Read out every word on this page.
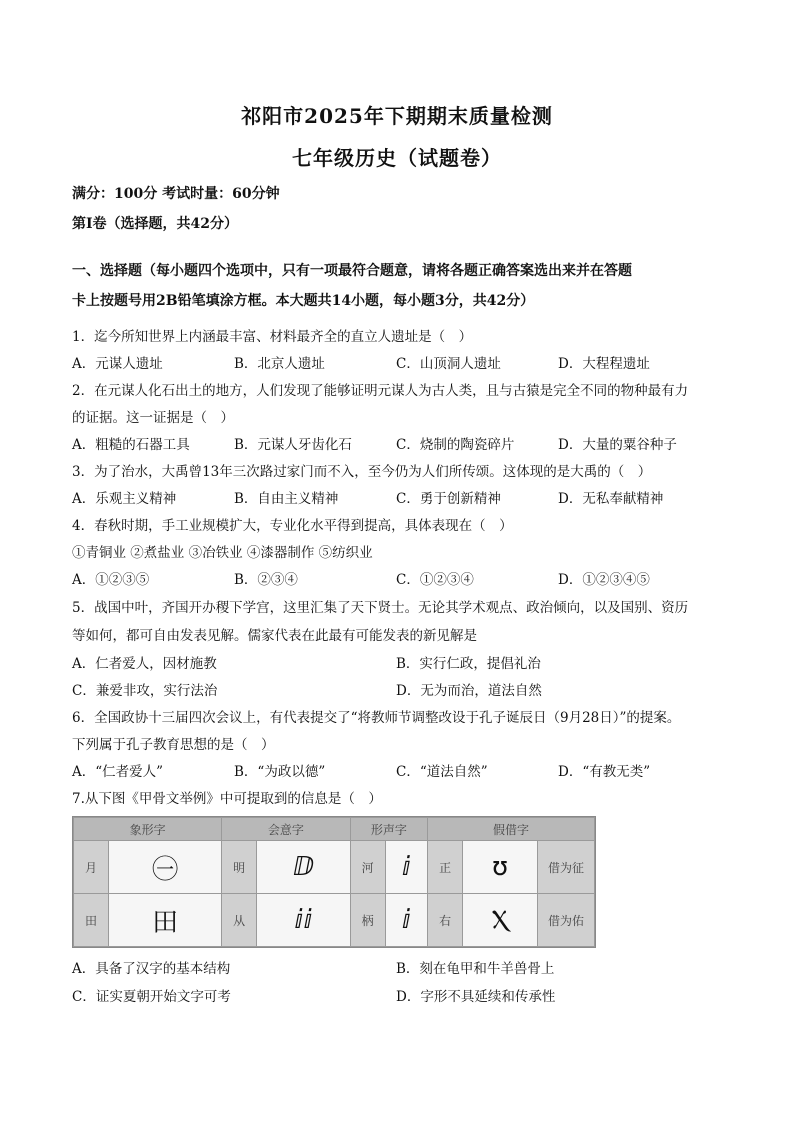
祁阳市2025年下期期末质量检测
七年级历史（试题卷）
满分：100分 考试时量：60分钟
第Ⅰ卷（选择题，共42分）
一、选择题（每小题四个选项中，只有一项最符合题意，请将各题正确答案选出来并在答题
卡上按题号用2B铅笔填涂方框。本大题共14小题，每小题3分，共42分）
1．迄今所知世界上内涵最丰富、材料最齐全的直立人遗址是（　）
A．元谋人遗址	B．北京人遗址	C．山顶洞人遗址	D．大程程遗址
2．在元谋人化石出土的地方，人们发现了能够证明元谋人为古人类，且与古猿是完全不同的物种最有力
的证据。这一证据是（　）
A．粗糙的石器工具	B．元谋人牙齿化石	C．烧制的陶瓷碎片	D．大量的粟谷种子
3．为了治水，大禹曾13年三次路过家门而不入，至今仍为人们所传颂。这体现的是大禹的（　）
A．乐观主义精神	B．自由主义精神	C．勇于创新精神	D．无私奉献精神
4．春秋时期，手工业规模扩大，专业化水平得到提高，具体表现在（　）
①青铜业 ②煮盐业 ③冶铁业 ④漆器制作 ⑤纺织业
A．①②③⑤	B．②③④	C．①②③④	D．①②③④⑤
5．战国中叶，齐国开办稷下学宫，这里汇集了天下贤士。无论其学术观点、政治倾向，以及国别、资历
等如何，都可自由发表见解。儒家代表在此最有可能发表的新见解是
A．仁者爱人，因材施教	B．实行仁政，提倡礼治
C．兼爱非攻，实行法治	D．无为而治，道法自然
6．全国政协十三届四次会议上，有代表提交了“将教师节调整改设于孔子诞辰日（9月28日）”的提案。
下列属于孔子教育思想的是（　）
A．“仁者爱人”	B．“为政以德”	C．“道法自然”	D．“有教无类”
7.从下图《甲骨文举例》中可提取到的信息是（　）
象形字		会意字		形声字		假借字		
月	㊀	明	ⅅ	河	ⅈ	正	ʊ	借为征
田	田	从	ⅈⅈ	柄	ⅈ	右	Ⲭ	借为佑
A．具备了汉字的基本结构	B．刻在龟甲和牛羊兽骨上
C．证实夏朝开始文字可考	D．字形不具延续和传承性
